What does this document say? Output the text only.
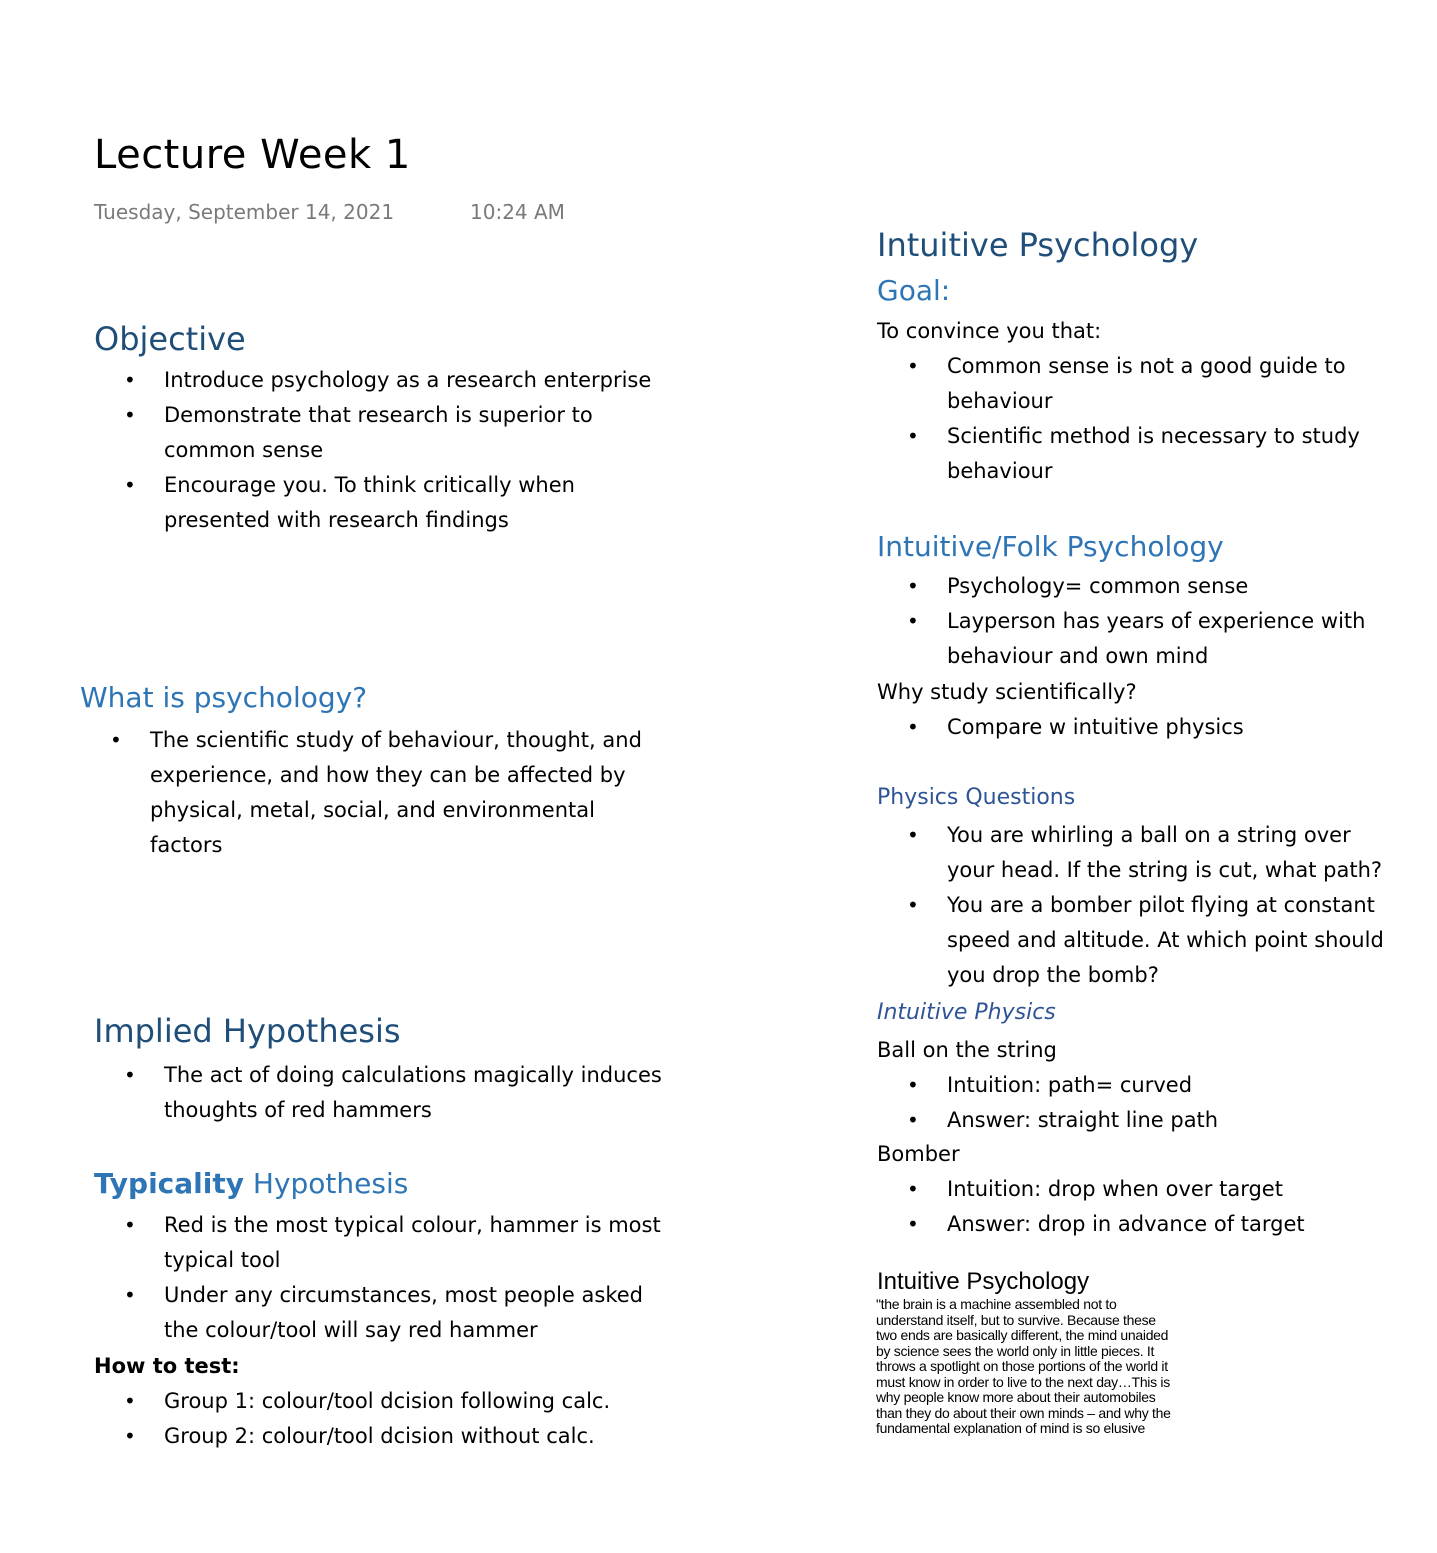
Lecture Week 1
Tuesday, September 14, 2021	10:24 AM
Objective
• Introduce psychology as a research enterprise
• Demonstrate that research is superior to common sense
• Encourage you. To think critically when presented with research findings
What is psychology?
• The scientific study of behaviour, thought, and experience, and how they can be affected by physical, metal, social, and environmental factors
Implied Hypothesis
• The act of doing calculations magically induces thoughts of red hammers
Typicality Hypothesis
• Red is the most typical colour, hammer is most typical tool
• Under any circumstances, most people asked the colour/tool will say red hammer
How to test:
• Group 1: colour/tool dcision following calc.
• Group 2: colour/tool dcision without calc.
Intuitive Psychology
Goal:
To convince you that:
• Common sense is not a good guide to behaviour
• Scientific method is necessary to study behaviour
Intuitive/Folk Psychology
• Psychology= common sense
• Layperson has years of experience with behaviour and own mind
Why study scientifically?
• Compare w intuitive physics
Physics Questions
• You are whirling a ball on a string over your head. If the string is cut, what path?
• You are a bomber pilot flying at constant speed and altitude. At which point should you drop the bomb?
Intuitive Physics
Ball on the string
• Intuition: path= curved
• Answer: straight line path
Bomber
• Intuition: drop when over target
• Answer: drop in advance of target
Intuitive Psychology
"the brain is a machine assembled not to
understand itself, but to survive. Because these
two ends are basically different, the mind unaided
by science sees the world only in little pieces. It
throws a spotlight on those portions of the world it
must know in order to live to the next day…This is
why people know more about their automobiles
than they do about their own minds – and why the
fundamental explanation of mind is so elusive
